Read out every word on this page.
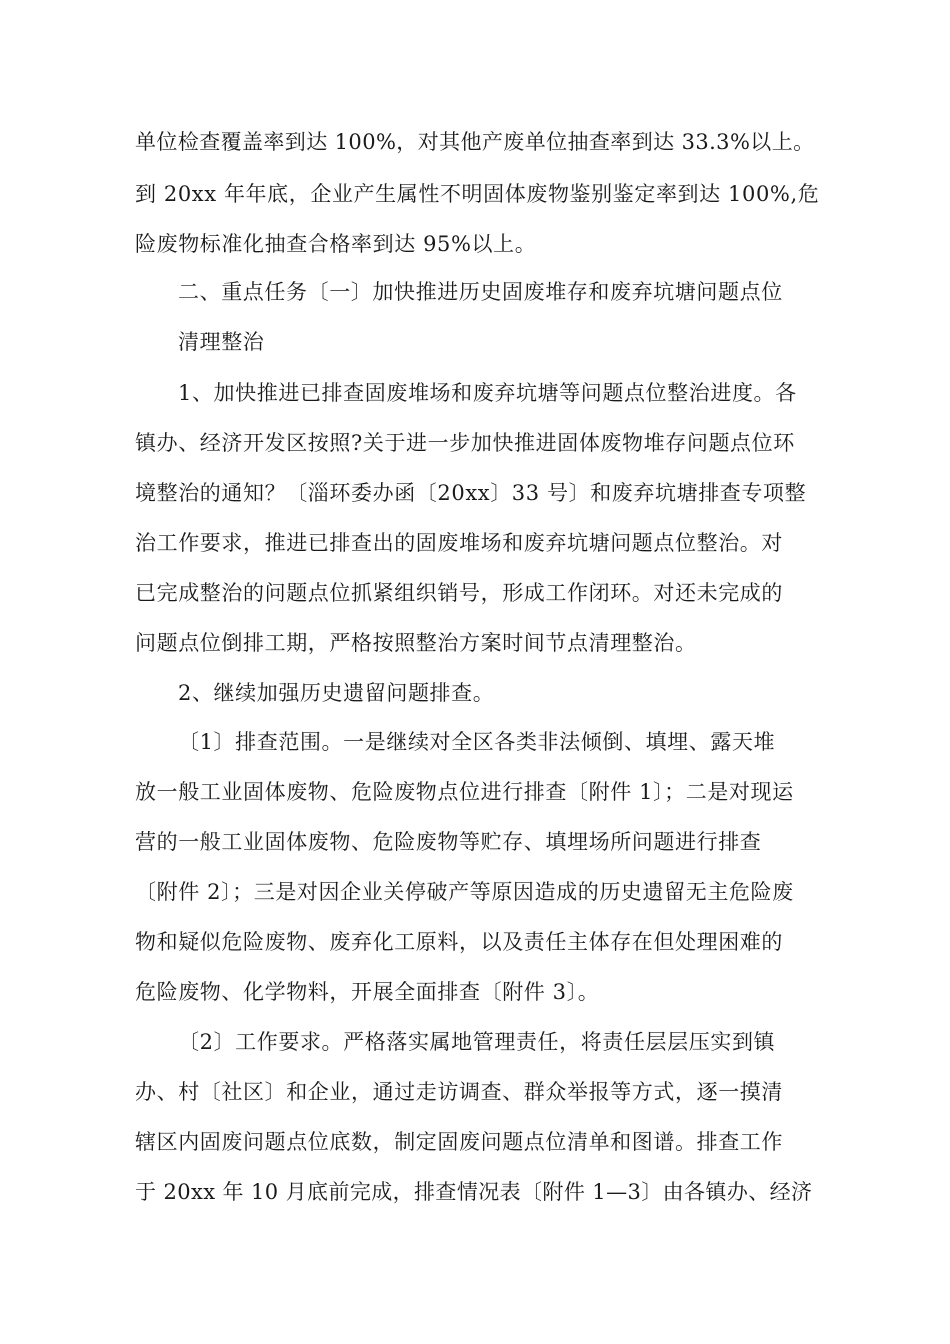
单位检查覆盖率到达 100%，对其他产废单位抽查率到达 33.3%以上。
到 20xx 年年底，企业产生属性不明固体废物鉴别鉴定率到达 100%,危
险废物标准化抽查合格率到达 95%以上。
二、重点任务〔一〕加快推进历史固废堆存和废弃坑塘问题点位
清理整治
1、加快推进已排查固废堆场和废弃坑塘等问题点位整治进度。各
镇办、经济开发区按照?关于进一步加快推进固体废物堆存问题点位环
境整治的通知？〔淄环委办函〔20xx〕33 号〕和废弃坑塘排查专项整
治工作要求，推进已排查出的固废堆场和废弃坑塘问题点位整治。对
已完成整治的问题点位抓紧组织销号，形成工作闭环。对还未完成的
问题点位倒排工期，严格按照整治方案时间节点清理整治。
2、继续加强历史遗留问题排查。
〔1〕排查范围。一是继续对全区各类非法倾倒、填埋、露天堆
放一般工业固体废物、危险废物点位进行排查〔附件 1〕；二是对现运
营的一般工业固体废物、危险废物等贮存、填埋场所问题进行排查
〔附件 2〕；三是对因企业关停破产等原因造成的历史遗留无主危险废
物和疑似危险废物、废弃化工原料，以及责任主体存在但处理困难的
危险废物、化学物料，开展全面排查〔附件 3〕。
〔2〕工作要求。严格落实属地管理责任，将责任层层压实到镇
办、村〔社区〕和企业，通过走访调查、群众举报等方式，逐一摸清
辖区内固废问题点位底数，制定固废问题点位清单和图谱。排查工作
于 20xx 年 10 月底前完成，排查情况表〔附件 1—3〕由各镇办、经济
